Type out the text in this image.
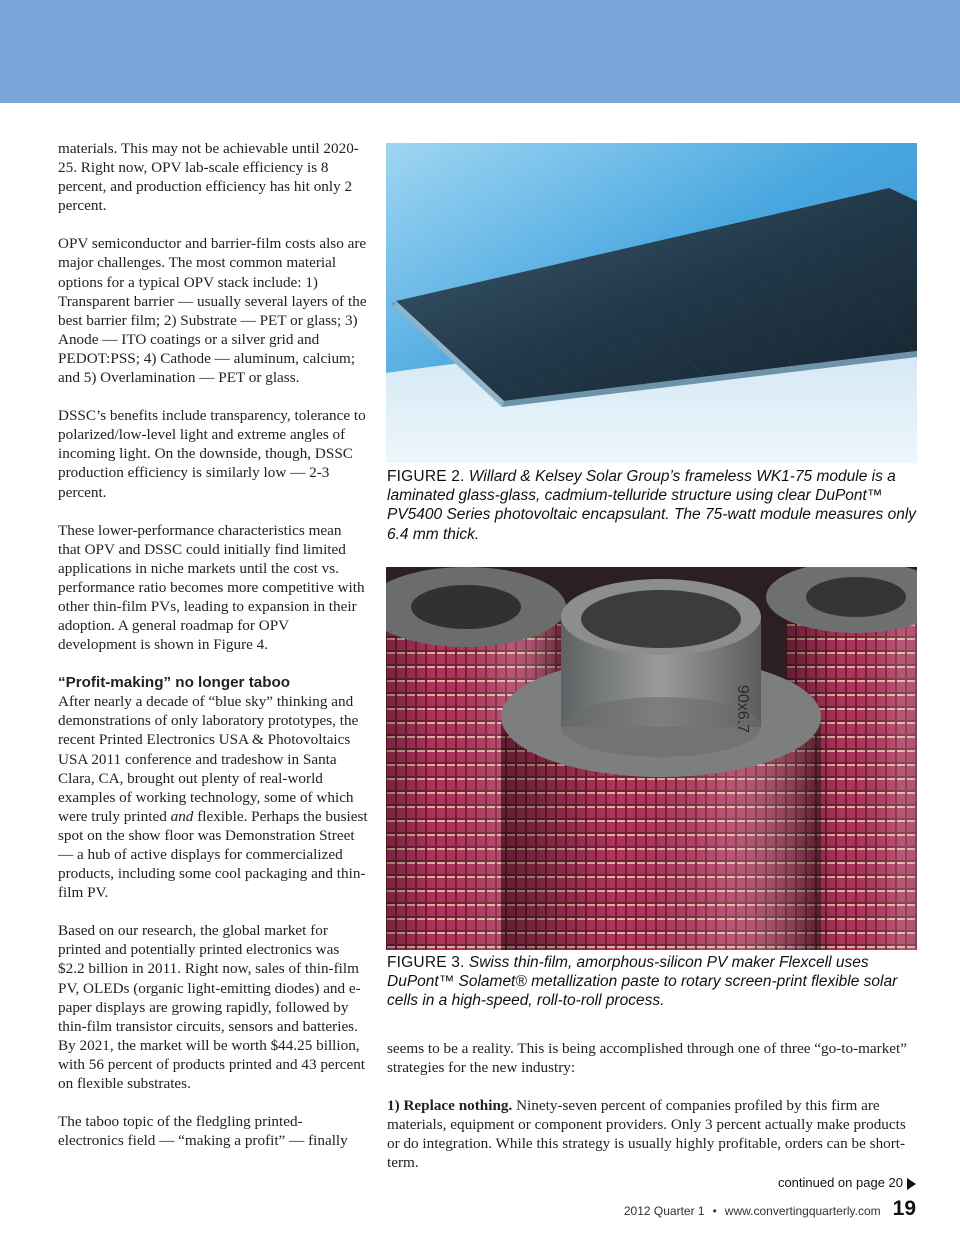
materials. This may not be achievable until 2020-25. Right now, OPV lab-scale efficiency is 8 percent, and production efficiency has hit only 2 percent.

OPV semiconductor and barrier-film costs also are major challenges. The most common material options for a typical OPV stack include: 1) Transparent barrier — usually several layers of the best barrier film; 2) Substrate — PET or glass; 3) Anode — ITO coatings or a silver grid and PEDOT:PSS; 4) Cathode — aluminum, calcium; and 5) Overlamination — PET or glass.

DSSC’s benefits include transparency, tolerance to polarized/low-level light and extreme angles of incoming light. On the downside, though, DSSC production efficiency is similarly low — 2-3 percent.

These lower-performance characteristics mean that OPV and DSSC could initially find limited applications in niche markets until the cost vs. performance ratio becomes more competitive with other thin-film PVs, leading to expansion in their adoption. A general roadmap for OPV development is shown in Figure 4.

“Profit-making” no longer taboo

After nearly a decade of “blue sky” thinking and demonstrations of only laboratory prototypes, the recent Printed Electronics USA & Photovoltaics USA 2011 conference and tradeshow in Santa Clara, CA, brought out plenty of real-world examples of working technology, some of which were truly printed and flexible. Perhaps the busiest spot on the show floor was Demonstration Street — a hub of active displays for commercialized products, including some cool packaging and thin-film PV.

Based on our research, the global market for printed and potentially printed electronics was $2.2 billion in 2011. Right now, sales of thin-film PV, OLEDs (organic light-emitting diodes) and e-paper displays are growing rapidly, followed by thin-film transistor circuits, sensors and batteries. By 2021, the market will be worth $44.25 billion, with 56 percent of products printed and 43 percent on flexible substrates.

The taboo topic of the fledgling printed-electronics field — “making a profit” — finally

FIGURE 2. Willard & Kelsey Solar Group’s frameless WK1-75 module is a laminated glass-glass, cadmium-telluride structure using clear DuPont™ PV5400 Series photovoltaic encapsulant. The 75-watt module measures only 6.4 mm thick.

90x6.7

FIGURE 3. Swiss thin-film, amorphous-silicon PV maker Flexcell uses DuPont™ Solamet® metallization paste to rotary screen-print flexible solar cells in a high-speed, roll-to-roll process.

seems to be a reality. This is being accomplished through one of three “go-to-market” strategies for the new industry:

1) Replace nothing. Ninety-seven percent of companies profiled by this firm are materials, equipment or component providers. Only 3 percent actually make products or do integration. While this strategy is usually highly profitable, orders can be short-term.

continued on page 20
2012 Quarter 1 • www.convertingquarterly.com 19
